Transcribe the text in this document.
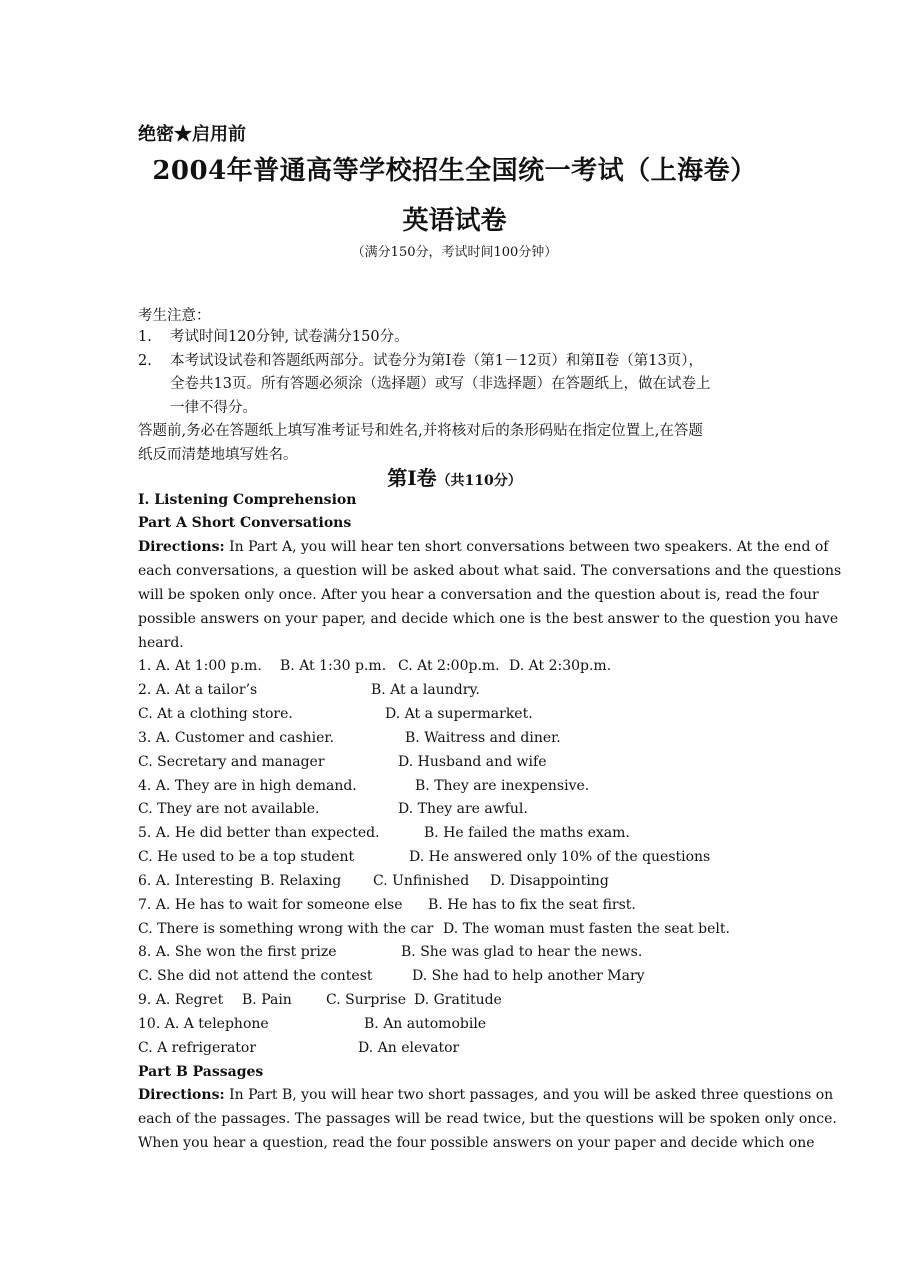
绝密★启用前
2004年普通高等学校招生全国统一考试（上海卷）
英语试卷
（满分150分，考试时间100分钟）
考生注意：
1. 考试时间120分钟, 试卷满分150分。
2. 本考试设试卷和答题纸两部分。试卷分为第Ⅰ卷（第1－12页）和第Ⅱ卷（第13页），
全卷共13页。所有答题必须涂（选择题）或写（非选择题）在答题纸上，做在试卷上
一律不得分。
答题前,务必在答题纸上填写准考证号和姓名,并将核对后的条形码贴在指定位置上,在答题
纸反而清楚地填写姓名。
第Ⅰ卷（共110分）
I. Listening Comprehension
Part A Short Conversations
Directions: In Part A, you will hear ten short conversations between two speakers. At the end of
each conversations, a question will be asked about what said. The conversations and the questions
will be spoken only once. After you hear a conversation and the question about is, read the four
possible answers on your paper, and decide which one is the best answer to the question you have
heard.
1. A. At 1:00 p.m. B. At 1:30 p.m. C. At 2:00p.m. D. At 2:30p.m.
2. A. At a tailor’s	B. At a laundry.
C. At a clothing store.	D. At a supermarket.
3. A. Customer and cashier.	B. Waitress and diner.
C. Secretary and manager	D. Husband and wife
4. A. They are in high demand.	B. They are inexpensive.
C. They are not available.	D. They are awful.
5. A. He did better than expected.	B. He failed the maths exam.
C. He used to be a top student	D. He answered only 10% of the questions
6. A. Interesting B. Relaxing C. Unfinished D. Disappointing
7. A. He has to wait for someone else B. He has to fix the seat first.
C. There is something wrong with the car D. The woman must fasten the seat belt.
8. A. She won the first prize	B. She was glad to hear the news.
C. She did not attend the contest	D. She had to help another Mary
9. A. Regret B. Pain C. Surprise D. Gratitude
10. A. A telephone	B. An automobile
C. A refrigerator	D. An elevator
Part B Passages
Directions: In Part B, you will hear two short passages, and you will be asked three questions on
each of the passages. The passages will be read twice, but the questions will be spoken only once.
When you hear a question, read the four possible answers on your paper and decide which one
